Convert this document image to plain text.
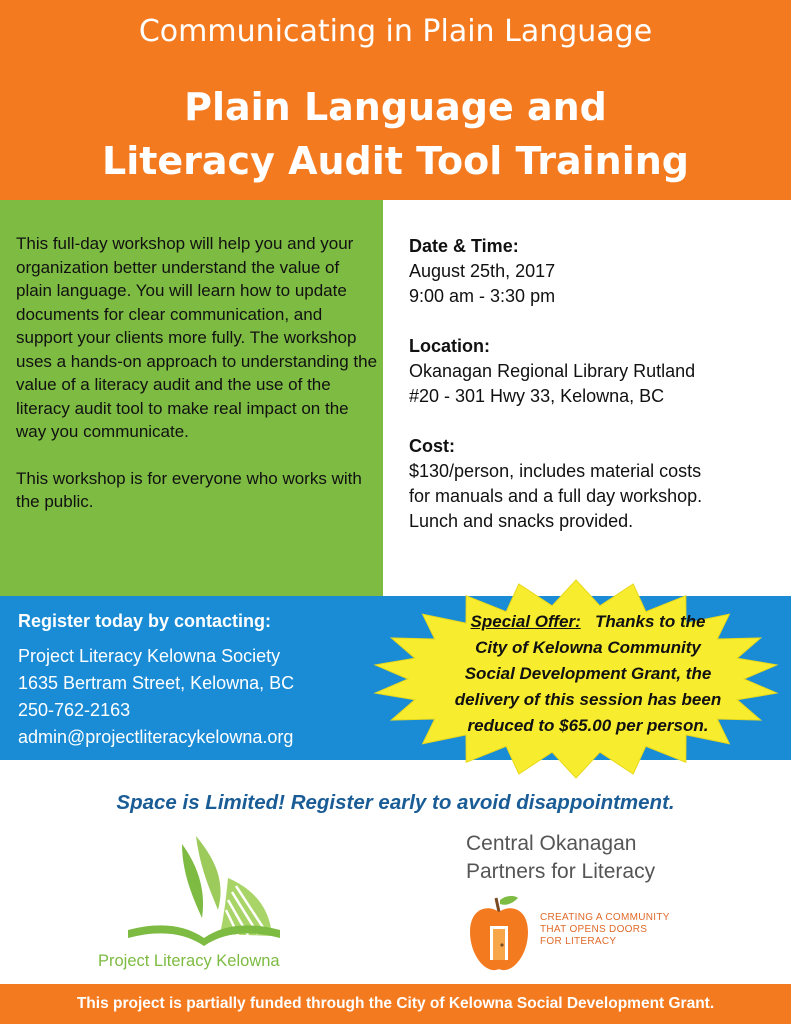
Communicating in Plain Language
Plain Language and
Literacy Audit Tool Training

This full-day workshop will help you and your organization better understand the value of plain language. You will learn how to update documents for clear communication, and support your clients more fully. The workshop uses a hands-on approach to understanding the value of a literacy audit and the use of the literacy audit tool to make real impact on the way you communicate.

This workshop is for everyone who works with the public.

Date & Time:
August 25th, 2017
9:00 am - 3:30 pm
Location:
Okanagan Regional Library Rutland
#20 - 301 Hwy 33, Kelowna, BC
Cost:
$130/person, includes material costs
for manuals and a full day workshop.
Lunch and snacks provided.
Register today by contacting:
Project Literacy Kelowna Society
1635 Bertram Street, Kelowna, BC
250-762-2163
admin@projectliteracykelowna.org
Special Offer: Thanks to the
City of Kelowna Community
Social Development Grant, the
delivery of this session has been
reduced to $65.00 per person.
Space is Limited! Register early to avoid disappointment.
Project Literacy Kelowna
Central Okanagan
Partners for Literacy
CREATING A COMMUNITY
THAT OPENS DOORS
FOR LITERACY
This project is partially funded through the City of Kelowna Social Development Grant.
